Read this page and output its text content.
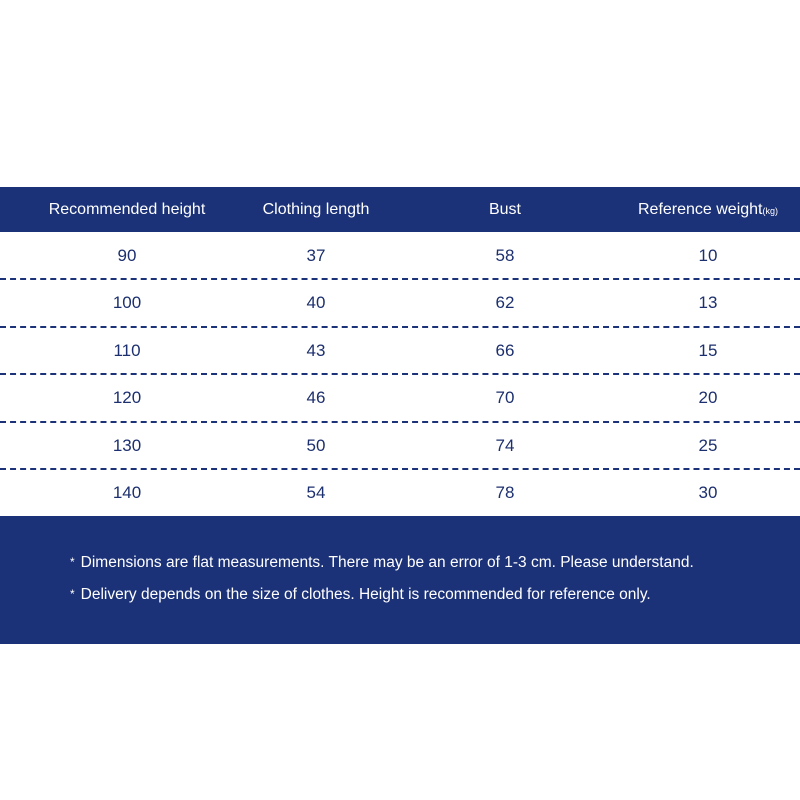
Recommended height	Clothing length	Bust	Reference weight(kg)
90	37	58	10
100	40	62	13
110	43	66	15
120	46	70	20
130	50	74	25
140	54	78	30
* Dimensions are flat measurements. There may be an error of 1-3 cm. Please understand.
* Delivery depends on the size of clothes. Height is recommended for reference only.
